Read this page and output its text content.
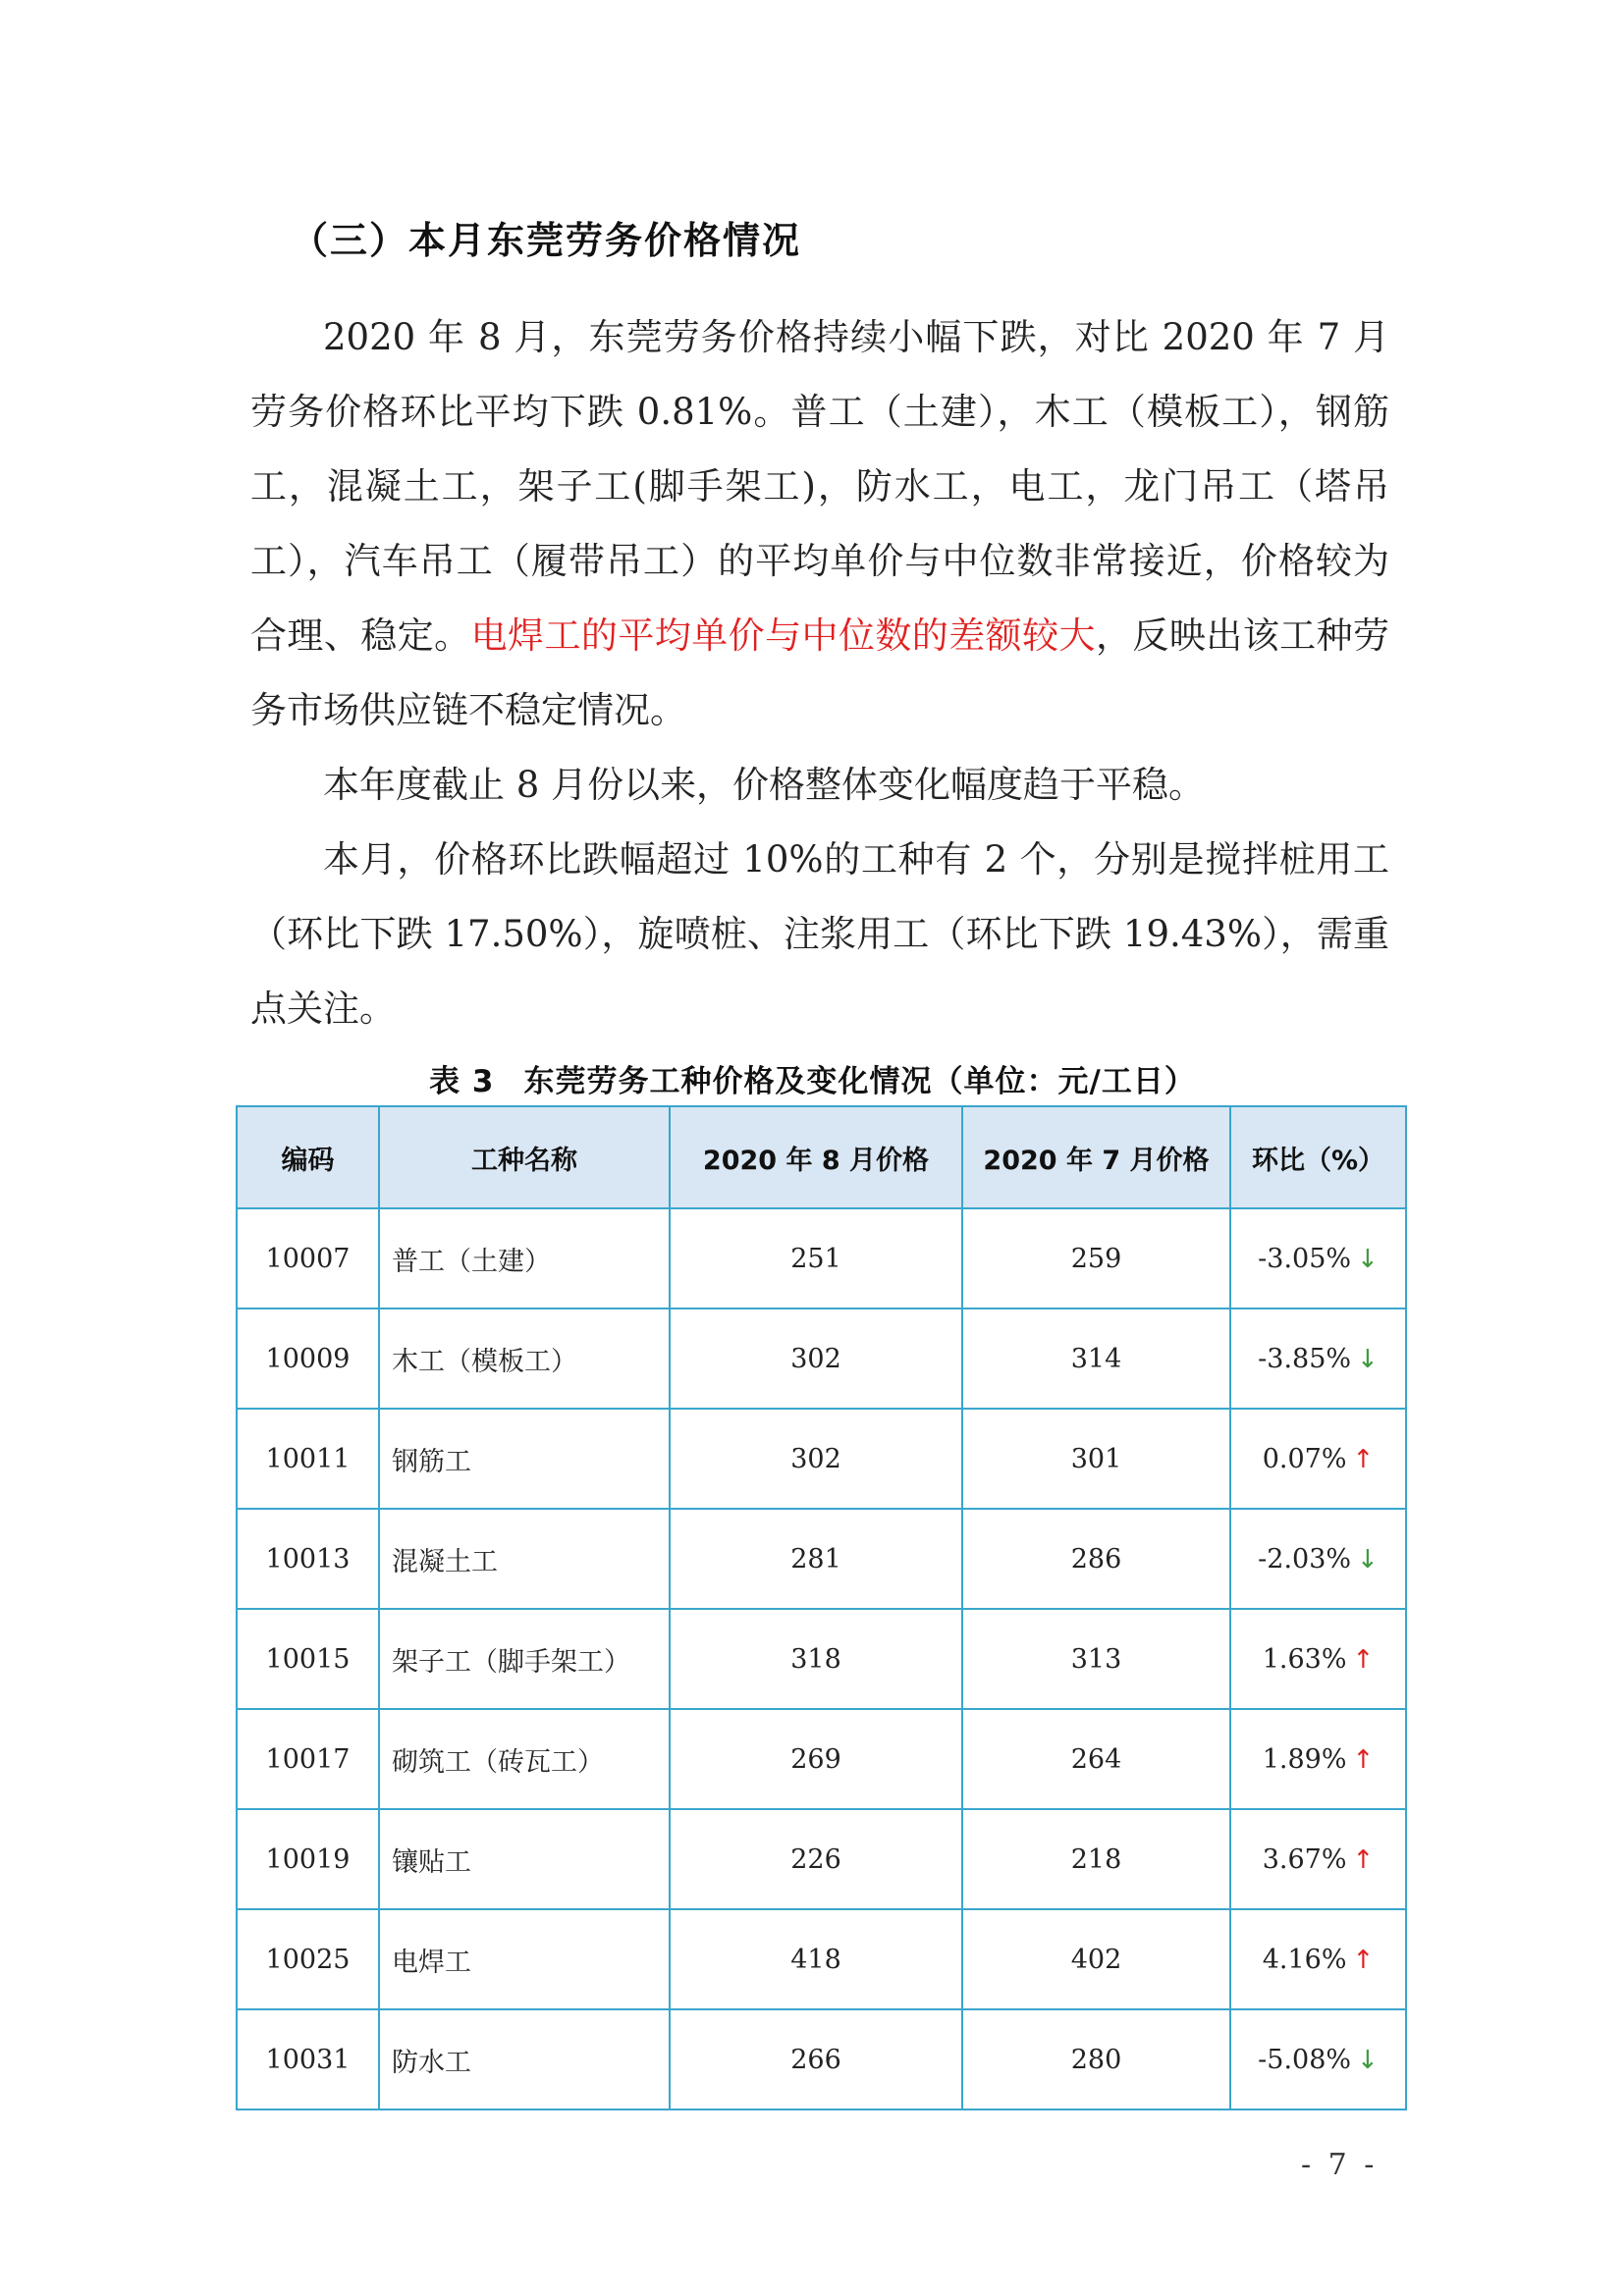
（三）本月东莞劳务价格情况

2020 年 8 月，东莞劳务价格持续小幅下跌，对比 2020 年 7 月劳务价格环比平均下跌 0.81%。普工（土建），木工（模板工），钢筋工，混凝土工，架子工(脚手架工)，防水工，电工，龙门吊工（塔吊工），汽车吊工（履带吊工）的平均单价与中位数非常接近，价格较为合理、稳定。电焊工的平均单价与中位数的差额较大，反映出该工种劳务市场供应链不稳定情况。

本年度截止 8 月份以来，价格整体变化幅度趋于平稳。

本月，价格环比跌幅超过 10%的工种有 2 个，分别是搅拌桩用工（环比下跌 17.50%），旋喷桩、注浆用工（环比下跌 19.43%），需重点关注。

表 3 东莞劳务工种价格及变化情况（单位：元/工日）

编码	工种名称	2020 年 8 月价格	2020 年 7 月价格	环比（%）
10007	普工（土建）	251	259	-3.05% ↓
10009	木工（模板工）	302	314	-3.85% ↓
10011	钢筋工	302	301	0.07% ↑
10013	混凝土工	281	286	-2.03% ↓
10015	架子工（脚手架工）	318	313	1.63% ↑
10017	砌筑工（砖瓦工）	269	264	1.89% ↑
10019	镶贴工	226	218	3.67% ↑
10025	电焊工	418	402	4.16% ↑
10031	防水工	266	280	-5.08% ↓

- 7 -
